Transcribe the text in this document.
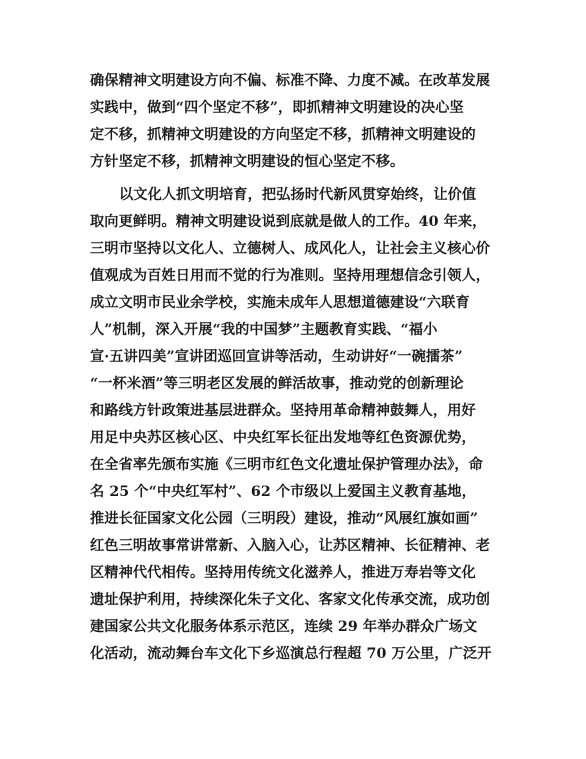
确保精神文明建设方向不偏、标准不降、力度不减。在改革发展
实践中，做到“四个坚定不移”，即抓精神文明建设的决心坚
定不移，抓精神文明建设的方向坚定不移，抓精神文明建设的
方针坚定不移，抓精神文明建设的恒心坚定不移。
以文化人抓文明培育，把弘扬时代新风贯穿始终，让价值
取向更鲜明。精神文明建设说到底就是做人的工作。40 年来，
三明市坚持以文化人、立德树人、成风化人，让社会主义核心价
值观成为百姓日用而不觉的行为准则。坚持用理想信念引领人，
成立文明市民业余学校，实施未成年人思想道德建设“六联育
人”机制，深入开展“我的中国梦”主题教育实践、“福小
宣·五讲四美”宣讲团巡回宣讲等活动，生动讲好“一碗擂茶”
“一杯米酒”等三明老区发展的鲜活故事，推动党的创新理论
和路线方针政策进基层进群众。坚持用革命精神鼓舞人，用好
用足中央苏区核心区、中央红军长征出发地等红色资源优势，
在全省率先颁布实施《三明市红色文化遗址保护管理办法》，命
名 25 个“中央红军村”、62 个市级以上爱国主义教育基地，
推进长征国家文化公园（三明段）建设，推动“风展红旗如画”
红色三明故事常讲常新、入脑入心，让苏区精神、长征精神、老
区精神代代相传。坚持用传统文化滋养人，推进万寿岩等文化
遗址保护利用，持续深化朱子文化、客家文化传承交流，成功创
建国家公共文化服务体系示范区，连续 29 年举办群众广场文
化活动，流动舞台车文化下乡巡演总行程超 70 万公里，广泛开
